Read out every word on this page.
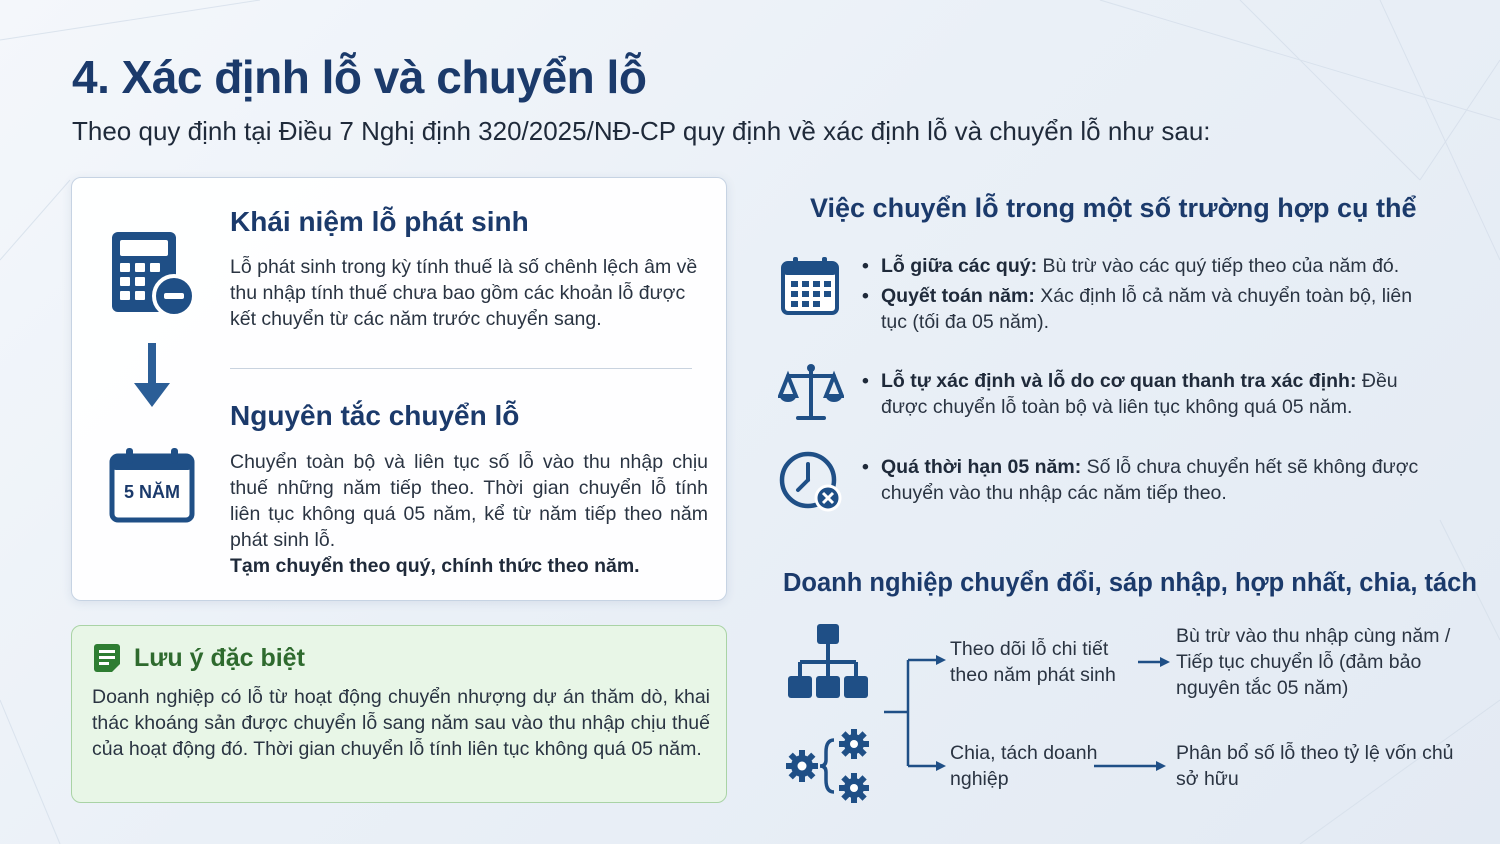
4. Xác định lỗ và chuyển lỗ
Theo quy định tại Điều 7 Nghị định 320/2025/NĐ-CP quy định về xác định lỗ và chuyển lỗ như sau:
5 NĂM
Khái niệm lỗ phát sinh

Lỗ phát sinh trong kỳ tính thuế là số chênh lệch âm về thu nhập tính thuế chưa bao gồm các khoản lỗ được kết chuyển từ các năm trước chuyển sang.

Nguyên tắc chuyển lỗ

Chuyển toàn bộ và liên tục số lỗ vào thu nhập chịu thuế những năm tiếp theo. Thời gian chuyển lỗ tính liên tục không quá 05 năm, kể từ năm tiếp theo năm phát sinh lỗ.

Tạm chuyển theo quý, chính thức theo năm.

Lưu ý đặc biệt

Doanh nghiệp có lỗ từ hoạt động chuyển nhượng dự án thăm dò, khai thác khoáng sản được chuyển lỗ sang năm sau vào thu nhập chịu thuế của hoạt động đó. Thời gian chuyển lỗ tính liên tục không quá 05 năm.

Việc chuyển lỗ trong một số trường hợp cụ thể
• Lỗ giữa các quý: Bù trừ vào các quý tiếp theo của năm đó.
• Quyết toán năm: Xác định lỗ cả năm và chuyển toàn bộ, liên tục (tối đa 05 năm).
• Lỗ tự xác định và lỗ do cơ quan thanh tra xác định: Đều được chuyển lỗ toàn bộ và liên tục không quá 05 năm.
• Quá thời hạn 05 năm: Số lỗ chưa chuyển hết sẽ không được chuyển vào thu nhập các năm tiếp theo.
Doanh nghiệp chuyển đổi, sáp nhập, hợp nhất, chia, tách
Theo dõi lỗ chi tiết theo năm phát sinh
Bù trừ vào thu nhập cùng năm / Tiếp tục chuyển lỗ (đảm bảo nguyên tắc 05 năm)
Chia, tách doanh nghiệp
Phân bổ số lỗ theo tỷ lệ vốn chủ sở hữu
